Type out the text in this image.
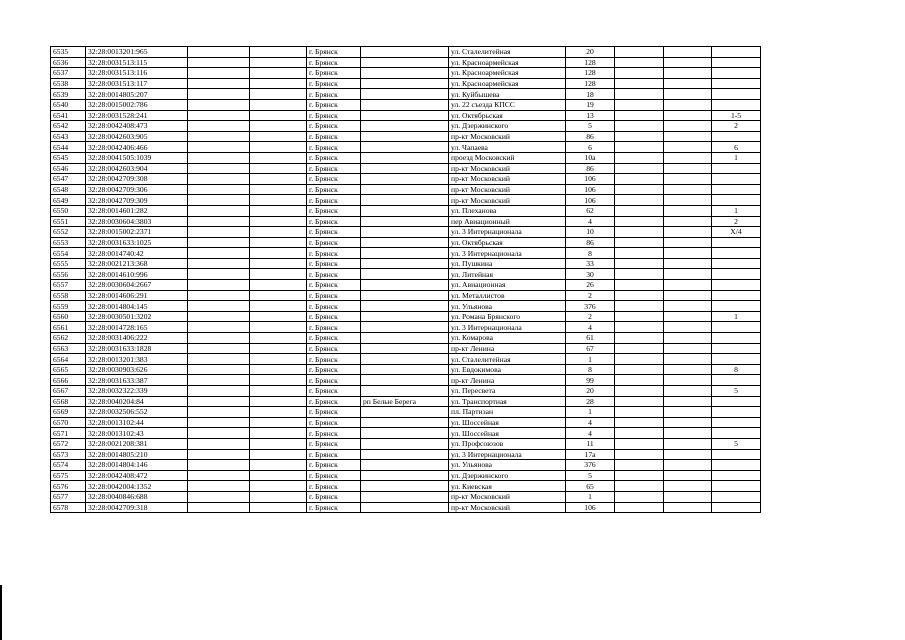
6535	32:28:0013201:965			г. Брянск		ул. Сталелитейная	20			
6536	32:28:0031513:115			г. Брянск		ул. Красноармейская	128			
6537	32:28:0031513:116			г. Брянск		ул. Красноармейская	128			
6538	32:28:0031513:117			г. Брянск		ул. Красноармейская	128			
6539	32:28:0014805:207			г. Брянск		ул. Куйбышева	18			
6540	32:28:0015002:786			г. Брянск		ул. 22 съезда КПСС	19			
6541	32:28:0031528:241			г. Брянск		ул. Октябрьская	13			1-5
6542	32:28:0042408:473			г. Брянск		ул. Дзержинского	5			2
6543	32:28:0042603:905			г. Брянск		пр-кт Московский	86			
6544	32:28:0042406:466			г. Брянск		ул. Чапаева	6			6
6545	32:28:0041505:1039			г. Брянск		проезд Московский	10а			1
6546	32:28:0042603:904			г. Брянск		пр-кт Московский	86			
6547	32:28:0042709:308			г. Брянск		пр-кт Московский	106			
6548	32:28:0042709:306			г. Брянск		пр-кт Московский	106			
6549	32:28:0042709:309			г. Брянск		пр-кт Московский	106			
6550	32:28:0014601:282			г. Брянск		ул. Плеханова	62			1
6551	32:28:0030604:3803			г. Брянск		пер Авиационный	4			2
6552	32:28:0015002:2371			г. Брянск		ул. 3 Интернационала	10			X/4
6553	32:28:0031633:1025			г. Брянск		ул. Октябрьская	86			
6554	32:28:0014740:42			г. Брянск		ул. 3 Интернационала	8			
6555	32:28:0021213:368			г. Брянск		ул. Пушкина	33			
6556	32:28:0014610:996			г. Брянск		ул. Литейная	30			
6557	32:28:0030604:2667			г. Брянск		ул. Авиационная	26			
6558	32:28:0014606:291			г. Брянск		ул. Металлистов	2			
6559	32:28:0014804:145			г. Брянск		ул. Ульянова	376			
6560	32:28:0030501:3202			г. Брянск		ул. Романа Брянского	2			1
6561	32:28:0014728:165			г. Брянск		ул. 3 Интернационала	4			
6562	32:28:0031406:222			г. Брянск		ул. Комарова	61			
6563	32:28:0031633:1828			г. Брянск		пр-кт Ленина	67			
6564	32:28:0013201:383			г. Брянск		ул. Сталелитейная	1			
6565	32:28:0030903:626			г. Брянск		ул. Евдокимова	8			8
6566	32:28:0031633:387			г. Брянск		пр-кт Ленина	99			
6567	32:28:0032322:339			г. Брянск		ул. Пересвета	20			5
6568	32:28:0040204:84			г. Брянск	рп Белые Берега	ул. Транспортная	28			
6569	32:28:0032506:552			г. Брянск		пл. Партизан	1			
6570	32:28:0013102:44			г. Брянск		ул. Шоссейная	4			
6571	32:28:0013102:43			г. Брянск		ул. Шоссейная	4			
6572	32:28:0021208:381			г. Брянск		ул. Профсоюзов	11			5
6573	32:28:0014805:210			г. Брянск		ул. 3 Интернационала	17а			
6574	32:28:0014804:146			г. Брянск		ул. Ульянова	376			
6575	32:28:0042408:472			г. Брянск		ул. Дзержинского	5			
6576	32:28:0042004:1352			г. Брянск		ул. Киевская	65			
6577	32:28:0040846:688			г. Брянск		пр-кт Московский	1			
6578	32:28:0042709:318			г. Брянск		пр-кт Московский	106			
